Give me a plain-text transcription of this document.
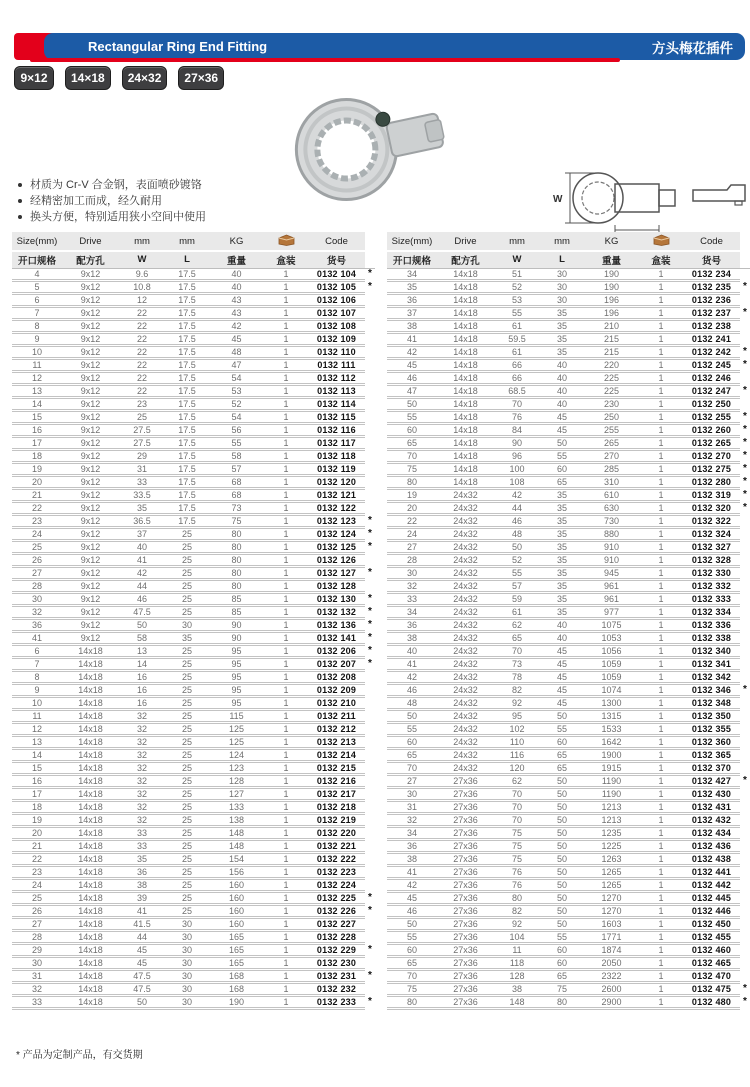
Rectangular Ring End Fitting	方头梅花插件
9×12	14×18	24×32	27×36
W
材质为 Cr-V 合金钢，表面喷砂镀铬
经精密加工而成，经久耐用
换头方便，特别适用狭小空间中使用
Size(mm)	Drive	mm	mm	KG		Code	
开口规格	配方孔	W	L	重量	盒装	货号	
4	9x12	9.6	17.5	40	1	0132 104	*
5	9x12	10.8	17.5	40	1	0132 105	*
6	9x12	12	17.5	43	1	0132 106	
7	9x12	22	17.5	43	1	0132 107	
8	9x12	22	17.5	42	1	0132 108	
9	9x12	22	17.5	45	1	0132 109	
10	9x12	22	17.5	48	1	0132 110	
11	9x12	22	17.5	47	1	0132 111	
12	9x12	22	17.5	54	1	0132 112	
13	9x12	22	17.5	53	1	0132 113	
14	9x12	23	17.5	52	1	0132 114	
15	9x12	25	17.5	54	1	0132 115	
16	9x12	27.5	17.5	56	1	0132 116	
17	9x12	27.5	17.5	55	1	0132 117	
18	9x12	29	17.5	58	1	0132 118	
19	9x12	31	17.5	57	1	0132 119	
20	9x12	33	17.5	68	1	0132 120	
21	9x12	33.5	17.5	68	1	0132 121	
22	9x12	35	17.5	73	1	0132 122	
23	9x12	36.5	17.5	75	1	0132 123	*
24	9x12	37	25	80	1	0132 124	*
25	9x12	40	25	80	1	0132 125	*
26	9x12	41	25	80	1	0132 126	
27	9x12	42	25	80	1	0132 127	*
28	9x12	44	25	80	1	0132 128	
30	9x12	46	25	85	1	0132 130	*
32	9x12	47.5	25	85	1	0132 132	*
36	9x12	50	30	90	1	0132 136	*
41	9x12	58	35	90	1	0132 141	*
6	14x18	13	25	95	1	0132 206	*
7	14x18	14	25	95	1	0132 207	*
8	14x18	16	25	95	1	0132 208	
9	14x18	16	25	95	1	0132 209	
10	14x18	16	25	95	1	0132 210	
11	14x18	32	25	115	1	0132 211	
12	14x18	32	25	125	1	0132 212	
13	14x18	32	25	125	1	0132 213	
14	14x18	32	25	124	1	0132 214	
15	14x18	32	25	123	1	0132 215	
16	14x18	32	25	128	1	0132 216	
17	14x18	32	25	127	1	0132 217	
18	14x18	32	25	133	1	0132 218	
19	14x18	32	25	138	1	0132 219	
20	14x18	33	25	148	1	0132 220	
21	14x18	33	25	148	1	0132 221	
22	14x18	35	25	154	1	0132 222	
23	14x18	36	25	156	1	0132 223	
24	14x18	38	25	160	1	0132 224	
25	14x18	39	25	160	1	0132 225	*
26	14x18	41	25	160	1	0132 226	*
27	14x18	41.5	30	160	1	0132 227	
28	14x18	44	30	165	1	0132 228	
29	14x18	45	30	165	1	0132 229	*
30	14x18	45	30	165	1	0132 230	
31	14x18	47.5	30	168	1	0132 231	*
32	14x18	47.5	30	168	1	0132 232	
33	14x18	50	30	190	1	0132 233	*
Size(mm)	Drive	mm	mm	KG		Code	
开口规格	配方孔	W	L	重量	盒装	货号	
34	14x18	51	30	190	1	0132 234	
35	14x18	52	30	190	1	0132 235	*
36	14x18	53	30	196	1	0132 236	
37	14x18	55	35	196	1	0132 237	*
38	14x18	61	35	210	1	0132 238	
41	14x18	59.5	35	215	1	0132 241	
42	14x18	61	35	215	1	0132 242	*
45	14x18	66	40	220	1	0132 245	*
46	14x18	66	40	225	1	0132 246	
47	14x18	68.5	40	225	1	0132 247	*
50	14x18	70	40	230	1	0132 250	
55	14x18	76	45	250	1	0132 255	*
60	14x18	84	45	255	1	0132 260	*
65	14x18	90	50	265	1	0132 265	*
70	14x18	96	55	270	1	0132 270	*
75	14x18	100	60	285	1	0132 275	*
80	14x18	108	65	310	1	0132 280	*
19	24x32	42	35	610	1	0132 319	*
20	24x32	44	35	630	1	0132 320	*
22	24x32	46	35	730	1	0132 322	
24	24x32	48	35	880	1	0132 324	
27	24x32	50	35	910	1	0132 327	
28	24x32	52	35	910	1	0132 328	
30	24x32	55	35	945	1	0132 330	
32	24x32	57	35	961	1	0132 332	
33	24x32	59	35	961	1	0132 333	
34	24x32	61	35	977	1	0132 334	
36	24x32	62	40	1075	1	0132 336	
38	24x32	65	40	1053	1	0132 338	
40	24x32	70	45	1056	1	0132 340	
41	24x32	73	45	1059	1	0132 341	
42	24x32	78	45	1059	1	0132 342	
46	24x32	82	45	1074	1	0132 346	*
48	24x32	92	45	1300	1	0132 348	
50	24x32	95	50	1315	1	0132 350	
55	24x32	102	55	1533	1	0132 355	
60	24x32	110	60	1642	1	0132 360	
65	24x32	116	65	1900	1	0132 365	
70	24x32	120	65	1915	1	0132 370	
27	27x36	62	50	1190	1	0132 427	*
30	27x36	70	50	1190	1	0132 430	
31	27x36	70	50	1213	1	0132 431	
32	27x36	70	50	1213	1	0132 432	
34	27x36	75	50	1235	1	0132 434	
36	27x36	75	50	1225	1	0132 436	
38	27x36	75	50	1263	1	0132 438	
41	27x36	76	50	1265	1	0132 441	
42	27x36	76	50	1265	1	0132 442	
45	27x36	80	50	1270	1	0132 445	
46	27x36	82	50	1270	1	0132 446	
50	27x36	92	50	1603	1	0132 450	
55	27x36	104	55	1771	1	0132 455	
60	27x36	11	60	1874	1	0132 460	
65	27x36	118	60	2050	1	0132 465	
70	27x36	128	65	2322	1	0132 470	
75	27x36	38	75	2600	1	0132 475	*
80	27x36	148	80	2900	1	0132 480	*
* 产品为定制产品，有交货期
